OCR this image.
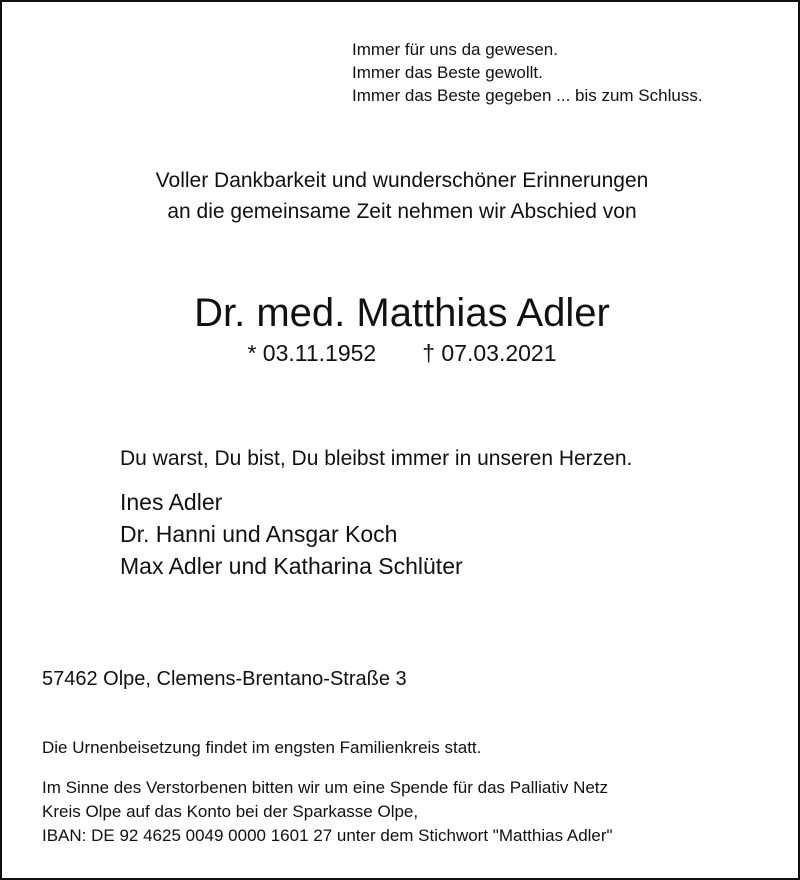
Immer für uns da gewesen.
Immer das Beste gewollt.
Immer das Beste gegeben ... bis zum Schluss.
Voller Dankbarkeit und wunderschöner Erinnerungen
an die gemeinsame Zeit nehmen wir Abschied von
Dr. med. Matthias Adler
* 03.11.1952 † 07.03.2021
Du warst, Du bist, Du bleibst immer in unseren Herzen.
Ines Adler
Dr. Hanni und Ansgar Koch
Max Adler und Katharina Schlüter
57462 Olpe, Clemens-Brentano-Straße 3
Die Urnenbeisetzung findet im engsten Familienkreis statt.
Im Sinne des Verstorbenen bitten wir um eine Spende für das Palliativ Netz
Kreis Olpe auf das Konto bei der Sparkasse Olpe,
IBAN: DE 92 4625 0049 0000 1601 27 unter dem Stichwort "Matthias Adler"
